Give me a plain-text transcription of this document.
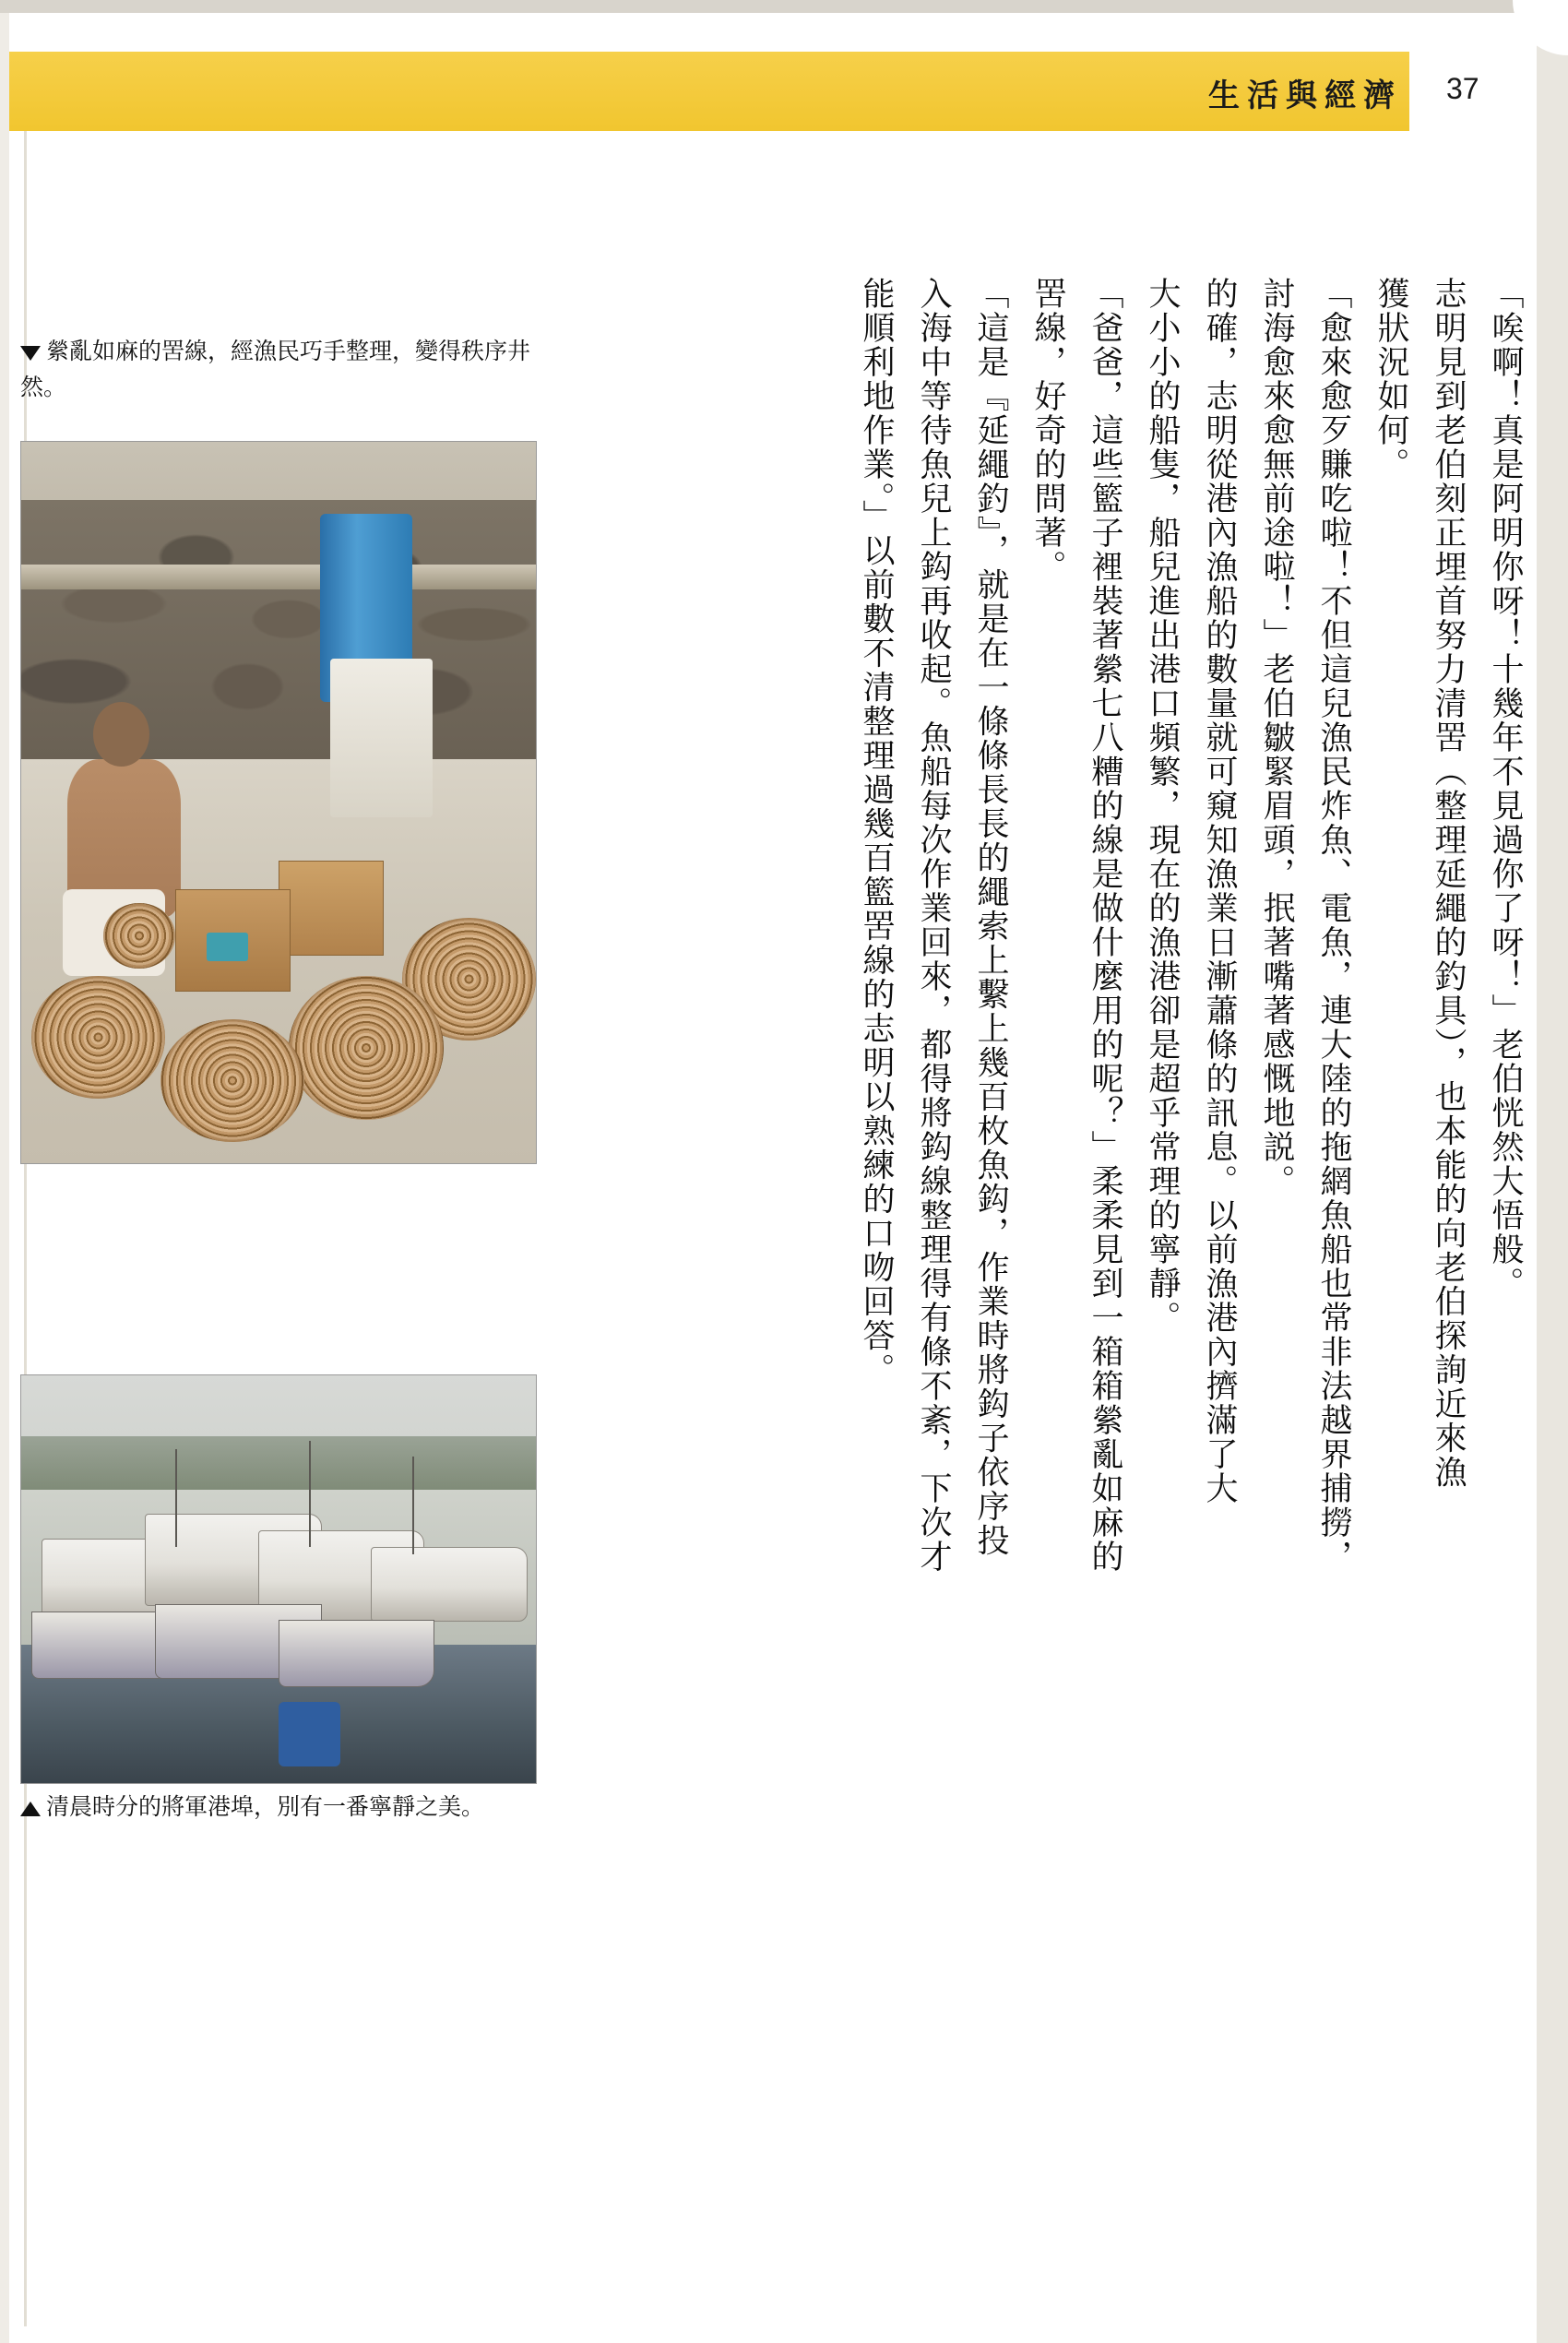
生活與經濟 37
縈亂如麻的罟線，經漁民巧手整理，變得秩序井然。
清晨時分的將軍港埠，別有一番寧靜之美。
「唉啊！真是阿明你呀！十幾年不見過你了呀！」老伯恍然大悟般。
志明見到老伯刻正埋首努力清罟（整理延繩的釣具），也本能的向老伯探詢近來漁
獲狀況如何。
「愈來愈歹賺吃啦！不但這兒漁民炸魚、電魚，連大陸的拖網魚船也常非法越界捕撈，
討海愈來愈無前途啦！」老伯皺緊眉頭，抿著嘴著感慨地説。
的確，志明從港內漁船的數量就可窺知漁業日漸蕭條的訊息。以前漁港內擠滿了大
大小小的船隻，船兒進出港口頻繁，現在的漁港卻是超乎常理的寧靜。
「爸爸，這些籃子裡裝著縈七八糟的線是做什麼用的呢？」柔柔見到一箱箱縈亂如麻的
罟線，好奇的問著。
「這是『延繩釣』，就是在一條條長長的繩索上繫上幾百枚魚鈎，作業時將鈎子依序投
入海中等待魚兒上鈎再收起。魚船每次作業回來，都得將鈎線整理得有條不紊，下次才
能順利地作業。」以前數不清整理過幾百籃罟線的志明以熟練的口吻回答。
